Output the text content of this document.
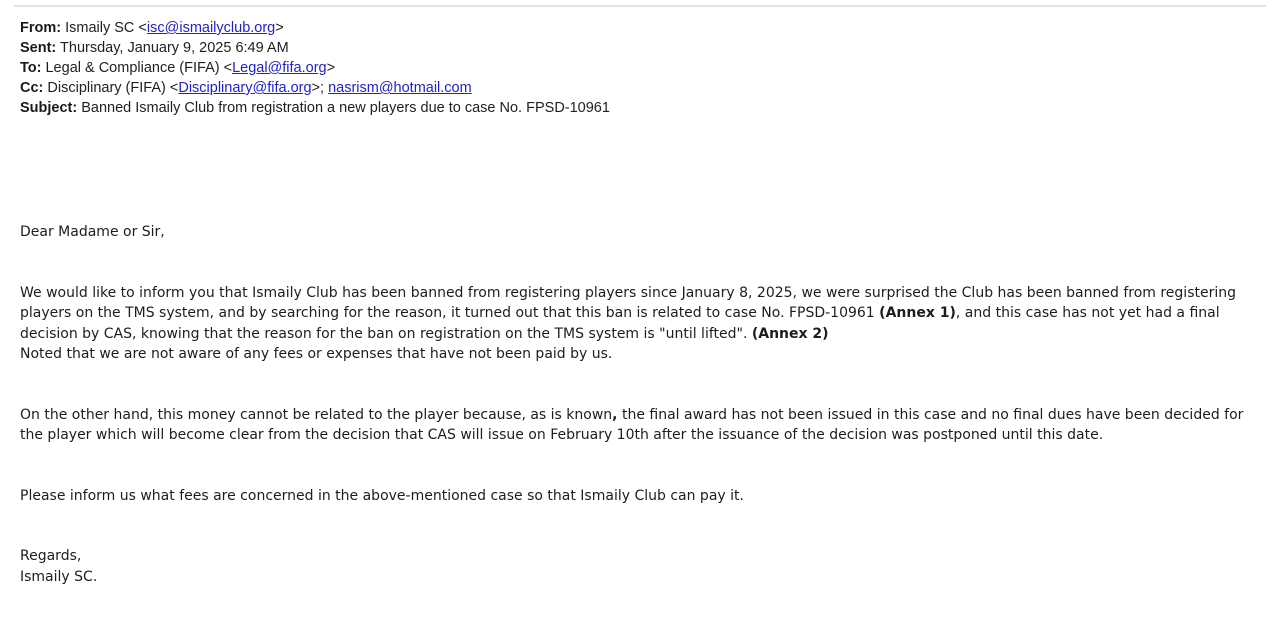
From: Ismaily SC <isc@ismailyclub.org>
Sent: Thursday, January 9, 2025 6:49 AM
To: Legal & Compliance (FIFA) <Legal@fifa.org>
Cc: Disciplinary (FIFA) <Disciplinary@fifa.org>; nasrism@hotmail.com
Subject: Banned Ismaily Club from registration a new players due to case No. FPSD-10961

Dear Madame or Sir,

We would like to inform you that Ismaily Club has been banned from registering players since January 8, 2025, we were surprised the Club has been banned from registering players on the TMS system, and by searching for the reason, it turned out that this ban is related to case No. FPSD-10961 (Annex 1), and this case has not yet had a final decision by CAS, knowing that the reason for the ban on registration on the TMS system is "until lifted". (Annex 2)
Noted that we are not aware of any fees or expenses that have not been paid by us.

On the other hand, this money cannot be related to the player because, as is known, the final award has not been issued in this case and no final dues have been decided for the player which will become clear from the decision that CAS will issue on February 10th after the issuance of the decision was postponed until this date.

Please inform us what fees are concerned in the above-mentioned case so that Ismaily Club can pay it.

Regards,

Ismaily SC.
